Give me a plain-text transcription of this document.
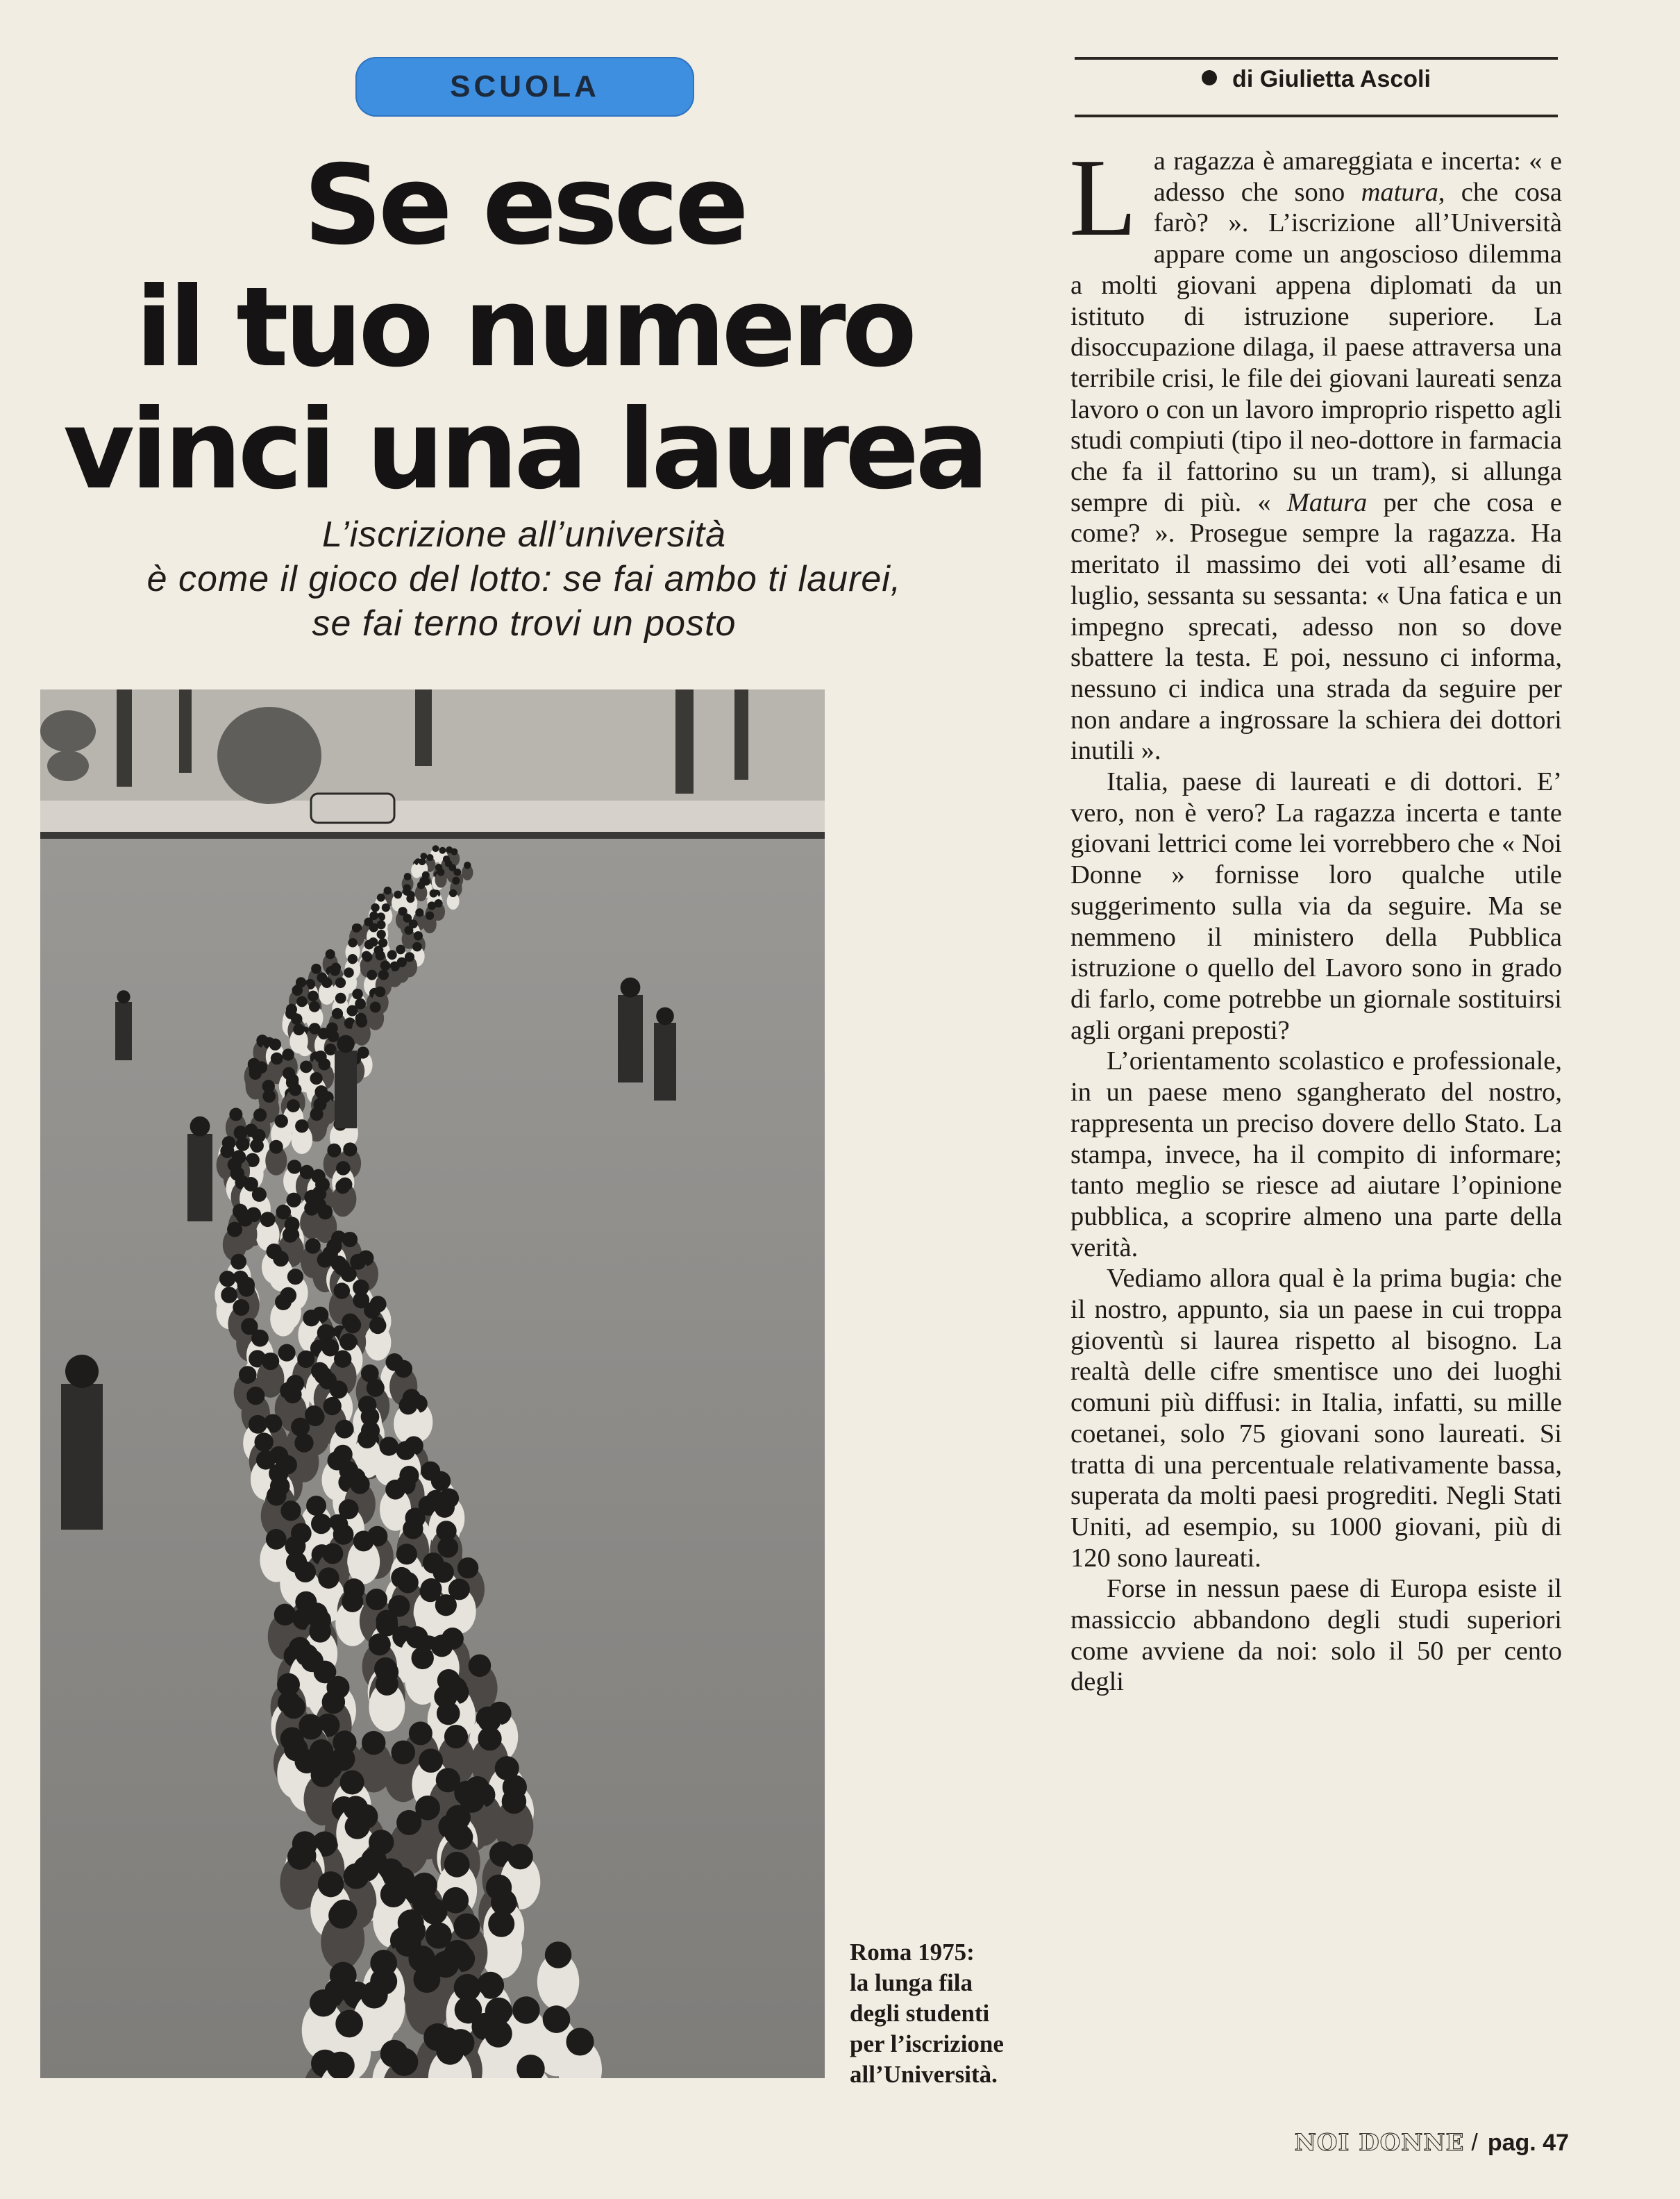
SCUOLA
Se esce
il tuo numero
vinci una laurea
L’iscrizione all’università
è come il gioco del lotto: se fai ambo ti laurei,
se fai terno trovi un posto
Roma 1975:
la lunga fila
degli studenti
per l’iscrizione
all’Università.
di Giulietta Ascoli

La ragazza è amareggiata e incerta: « e adesso che sono matura, che cosa farò? ». L’iscrizione all’Università appare come un angoscioso dilemma a molti giovani appena diplomati da un istituto di istruzione superiore. La disoccupazione dilaga, il paese attraversa una terribile crisi, le file dei giovani laureati senza lavoro o con un lavoro improprio rispetto agli studi compiuti (tipo il neo-dottore in farmacia che fa il fattorino su un tram), si allunga sempre di più. « Matura per che cosa e come? ». Prosegue sempre la ragazza. Ha meritato il massimo dei voti all’esame di luglio, sessanta su sessanta: « Una fatica e un impegno sprecati, adesso non so dove sbattere la testa. E poi, nessuno ci informa, nessuno ci indica una strada da seguire per non andare a ingrossare la schiera dei dottori inutili ».

Italia, paese di laureati e di dottori. E’ vero, non è vero? La ragazza incerta e tante giovani lettrici come lei vorrebbero che « Noi Donne » fornisse loro qualche utile suggerimento sulla via da seguire. Ma se nemmeno il ministero della Pubblica istruzione o quello del Lavoro sono in grado di farlo, come potrebbe un giornale sostituirsi agli organi preposti?

L’orientamento scolastico e professionale, in un paese meno sgangherato del nostro, rappresenta un preciso dovere dello Stato. La stampa, invece, ha il compito di informare; tanto meglio se riesce ad aiutare l’opinione pubblica, a scoprire almeno una parte della verità.

Vediamo allora qual è la prima bugia: che il nostro, appunto, sia un paese in cui troppa gioventù si laurea rispetto al bisogno. La realtà delle cifre smentisce uno dei luoghi comuni più diffusi: in Italia, infatti, su mille coetanei, solo 75 giovani sono laureati. Si tratta di una percentuale relativamente bassa, superata da molti paesi progrediti. Negli Stati Uniti, ad esempio, su 1000 giovani, più di 120 sono laureati.

Forse in nessun paese di Europa esiste il massiccio abbandono degli studi superiori come avviene da noi: solo il 50 per cento degli

NOI DONNE / pag. 47
